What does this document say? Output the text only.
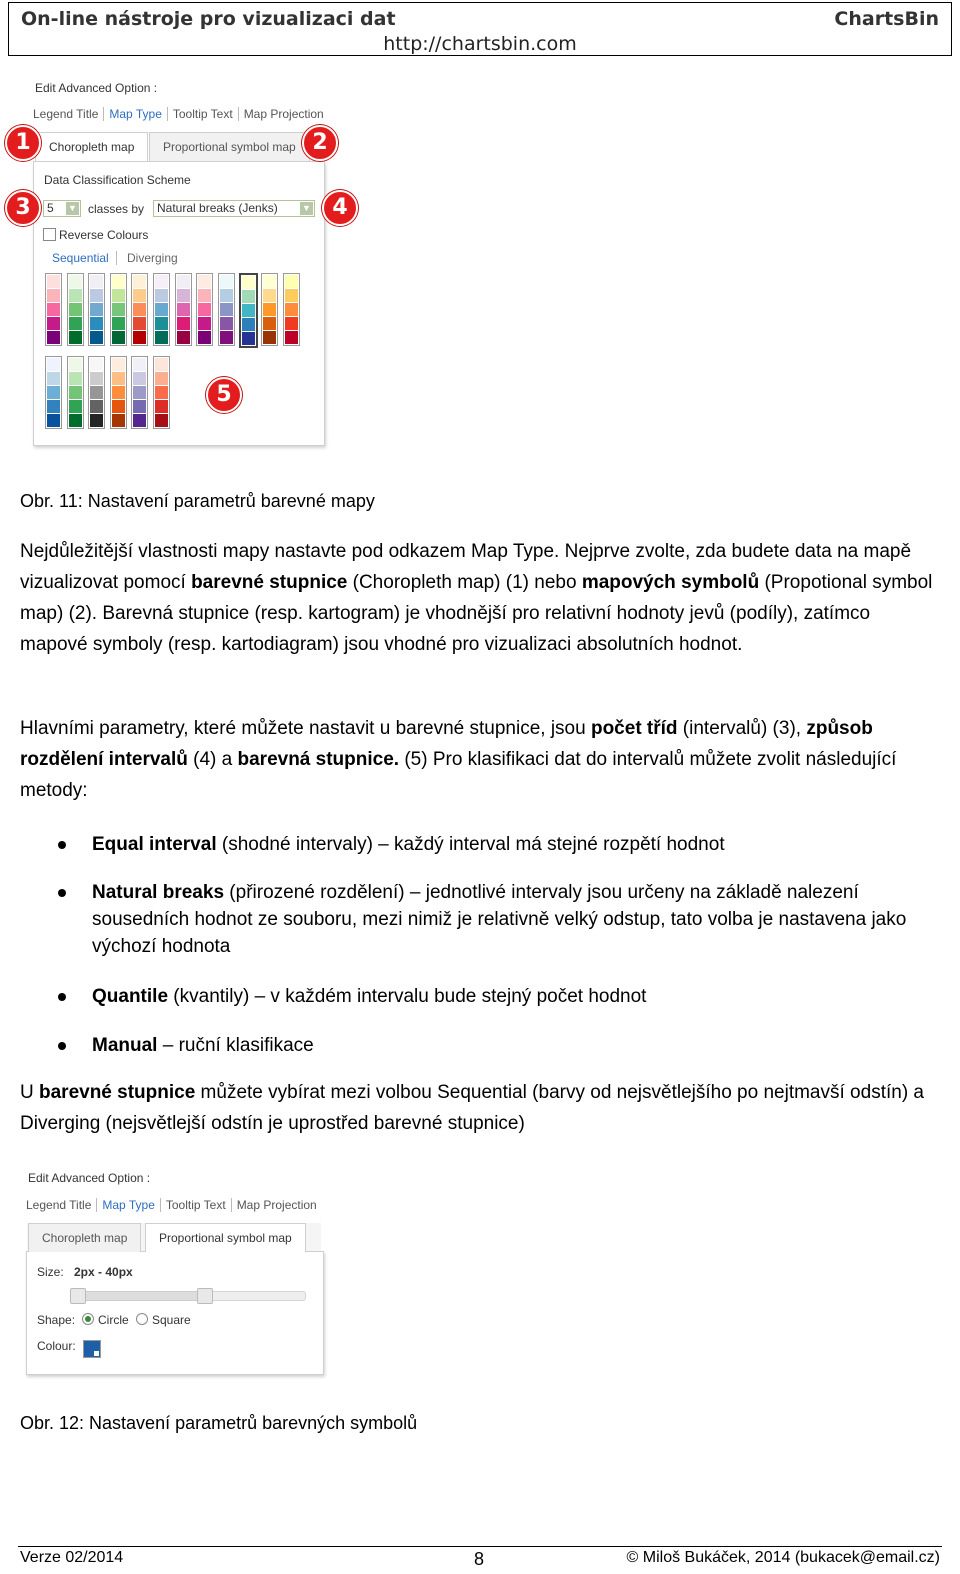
On-line nástroje pro vizualizaci dat	ChartsBin
http://chartsbin.com
Edit Advanced Option :
Legend Title Map Type Tooltip Text Map Projection
Choropleth map	Proportional symbol map
Data Classification Scheme
5 ▼ classes by	Natural breaks (Jenks)	▼
Reverse Colours
Sequential	Diverging
1	2
3	4
5
Obr. 11: Nastavení parametrů barevné mapy
Nejdůležitější vlastnosti mapy nastavte pod odkazem Map Type. Nejprve zvolte, zda budete data na mapě vizualizovat pomocí barevné stupnice (Choropleth map) (1) nebo mapových symbolů (Propotional symbol map) (2). Barevná stupnice (resp. kartogram) je vhodnější pro relativní hodnoty jevů (podíly), zatímco mapové symboly (resp. kartodiagram) jsou vhodné pro vizualizaci absolutních hodnot.
Hlavními parametry, které můžete nastavit u barevné stupnice, jsou počet tříd (intervalů) (3), způsob rozdělení intervalů (4) a barevná stupnice. (5) Pro klasifikaci dat do intervalů můžete zvolit následující metody:
Equal interval (shodné intervaly) – každý interval má stejné rozpětí hodnot
Natural breaks (přirozené rozdělení) – jednotlivé intervaly jsou určeny na základě nalezení sousedních hodnot ze souboru, mezi nimiž je relativně velký odstup, tato volba je nastavena jako výchozí hodnota
Quantile (kvantily) – v každém intervalu bude stejný počet hodnot
Manual – ruční klasifikace
U barevné stupnice můžete vybírat mezi volbou Sequential (barvy od nejsvětlejšího po nejtmavší odstín) a Diverging (nejsvětlejší odstín je uprostřed barevné stupnice)
Edit Advanced Option :
Legend Title Map Type Tooltip Text Map Projection
Choropleth map	Proportional symbol map
Size: 2px - 40px
Shape: Circle Square
Colour:
Obr. 12: Nastavení parametrů barevných symbolů
Verze 02/2014	8	© Miloš Bukáček, 2014 (bukacek@email.cz)
